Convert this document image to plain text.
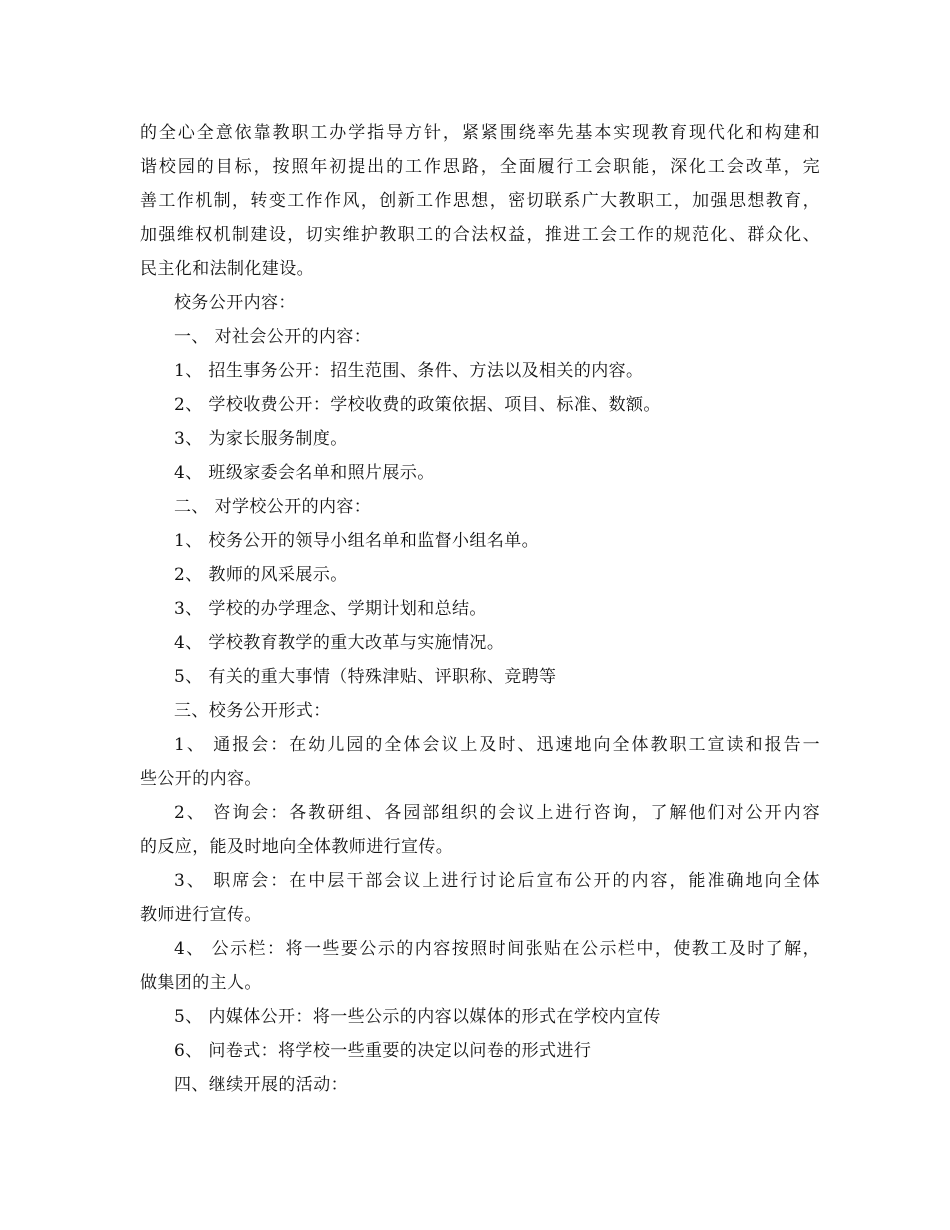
的全心全意依靠教职工办学指导方针，紧紧围绕率先基本实现教育现代化和构建和
谐校园的目标，按照年初提出的工作思路，全面履行工会职能，深化工会改革，完
善工作机制，转变工作作风，创新工作思想，密切联系广大教职工，加强思想教育，
加强维权机制建设，切实维护教职工的合法权益，推进工会工作的规范化、群众化、
民主化和法制化建设。
校务公开内容：
一、 对社会公开的内容：
1、 招生事务公开：招生范围、条件、方法以及相关的内容。
2、 学校收费公开：学校收费的政策依据、项目、标准、数额。
3、 为家长服务制度。
4、 班级家委会名单和照片展示。
二、 对学校公开的内容：
1、 校务公开的领导小组名单和监督小组名单。
2、 教师的风采展示。
3、 学校的办学理念、学期计划和总结。
4、 学校教育教学的重大改革与实施情况。
5、 有关的重大事情（特殊津贴、评职称、竞聘等
三、校务公开形式：
1、 通报会：在幼儿园的全体会议上及时、迅速地向全体教职工宣读和报告一
些公开的内容。
2、 咨询会：各教研组、各园部组织的会议上进行咨询，了解他们对公开内容
的反应，能及时地向全体教师进行宣传。
3、 职席会：在中层干部会议上进行讨论后宣布公开的内容，能准确地向全体
教师进行宣传。
4、 公示栏：将一些要公示的内容按照时间张贴在公示栏中，使教工及时了解，
做集团的主人。
5、 内媒体公开：将一些公示的内容以媒体的形式在学校内宣传
6、 问卷式：将学校一些重要的决定以问卷的形式进行
四、继续开展的活动：
